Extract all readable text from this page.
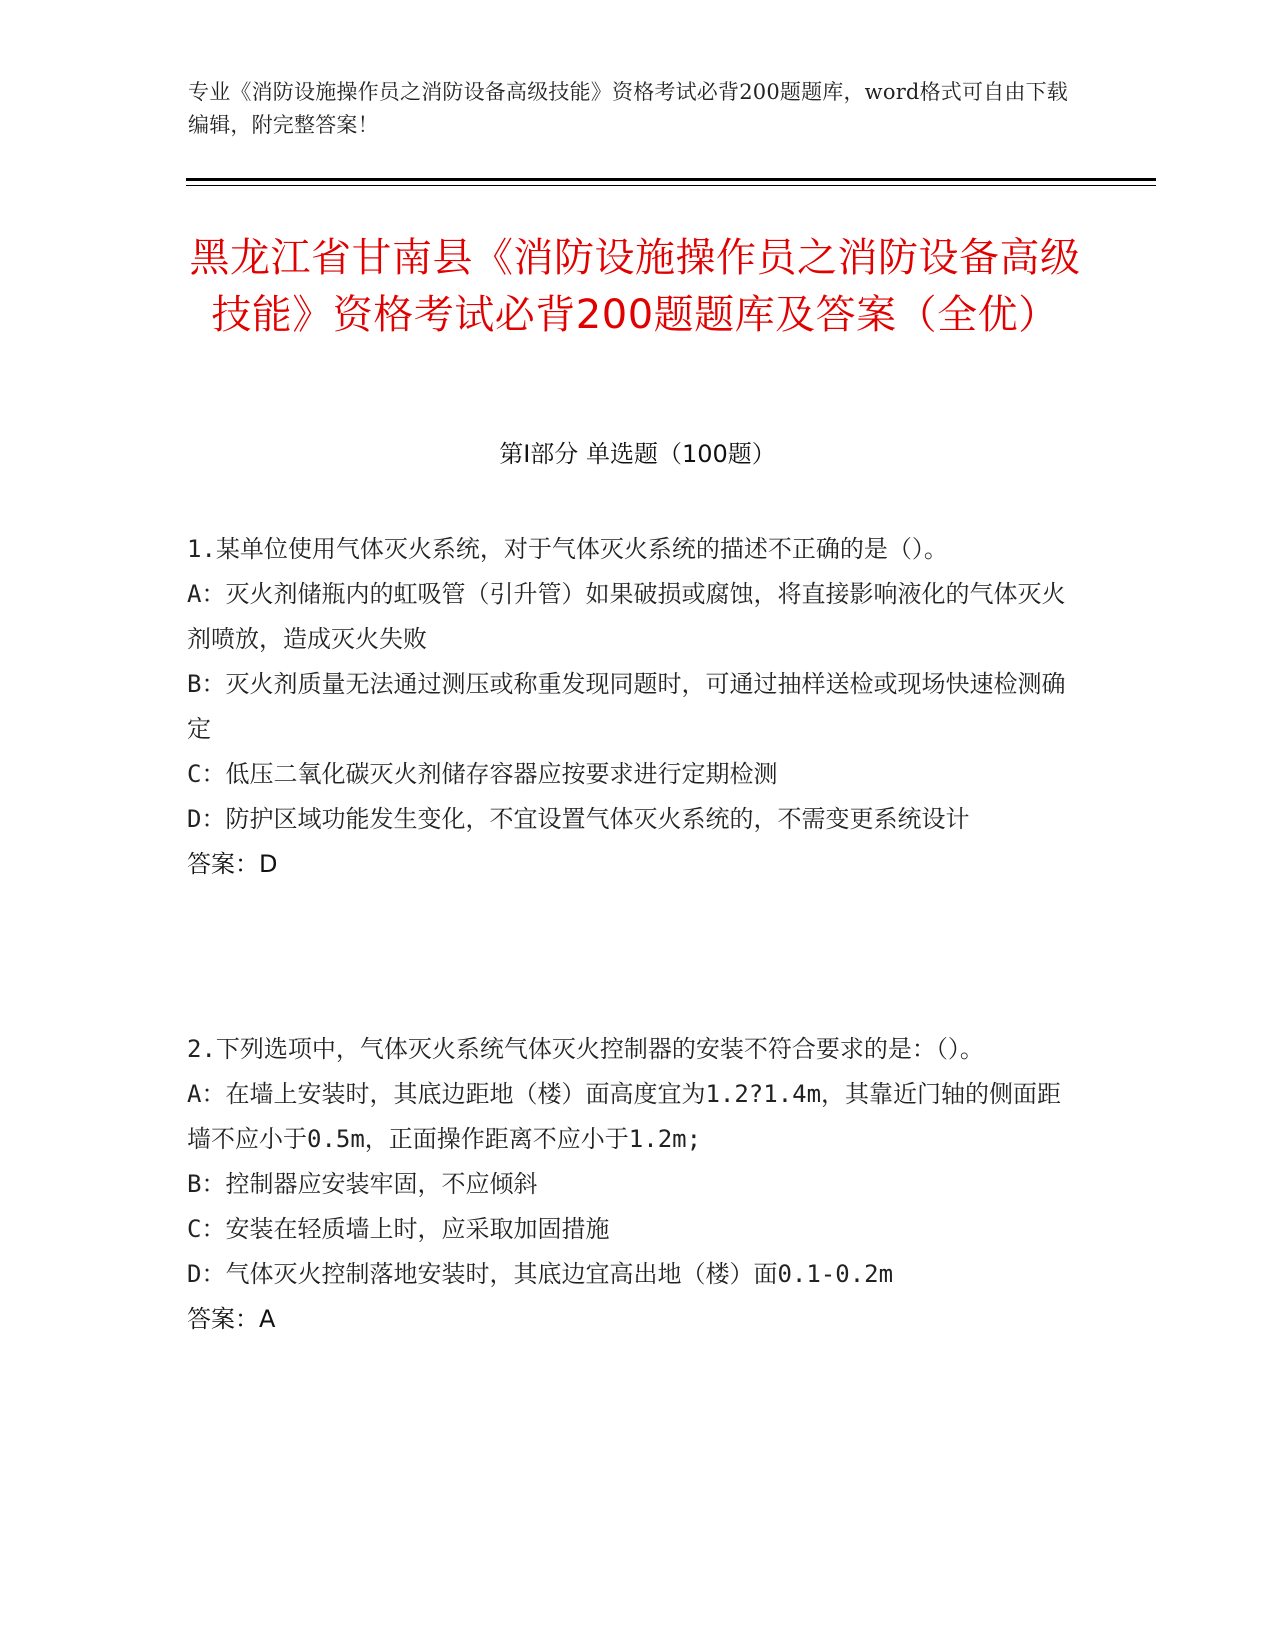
专业《消防设施操作员之消防设备高级技能》资格考试必背200题题库，word格式可自由下载编辑，附完整答案！
黑龙江省甘南县《消防设施操作员之消防设备高级技能》资格考试必背200题题库及答案（全优）
第I部分 单选题（100题）
1.某单位使用气体灭火系统，对于气体灭火系统的描述不正确的是（）。
A：灭火剂储瓶内的虹吸管（引升管）如果破损或腐蚀，将直接影响液化的气体灭火剂喷放，造成灭火失败
B：灭火剂质量无法通过测压或称重发现同题时，可通过抽样送检或现场快速检测确定
C：低压二氧化碳灭火剂储存容器应按要求进行定期检测
D：防护区域功能发生变化，不宜设置气体灭火系统的，不需变更系统设计
答案：D
2.下列选项中，气体灭火系统气体灭火控制器的安装不符合要求的是：（）。
A：在墙上安装时，其底边距地（楼）面高度宜为1.2?1.4m，其靠近门轴的侧面距墙不应小于0.5m，正面操作距离不应小于1.2m;
B：控制器应安装牢固，不应倾斜
C：安装在轻质墙上时，应采取加固措施
D：气体灭火控制落地安装时，其底边宜高出地（楼）面0.1-0.2m
答案：A
